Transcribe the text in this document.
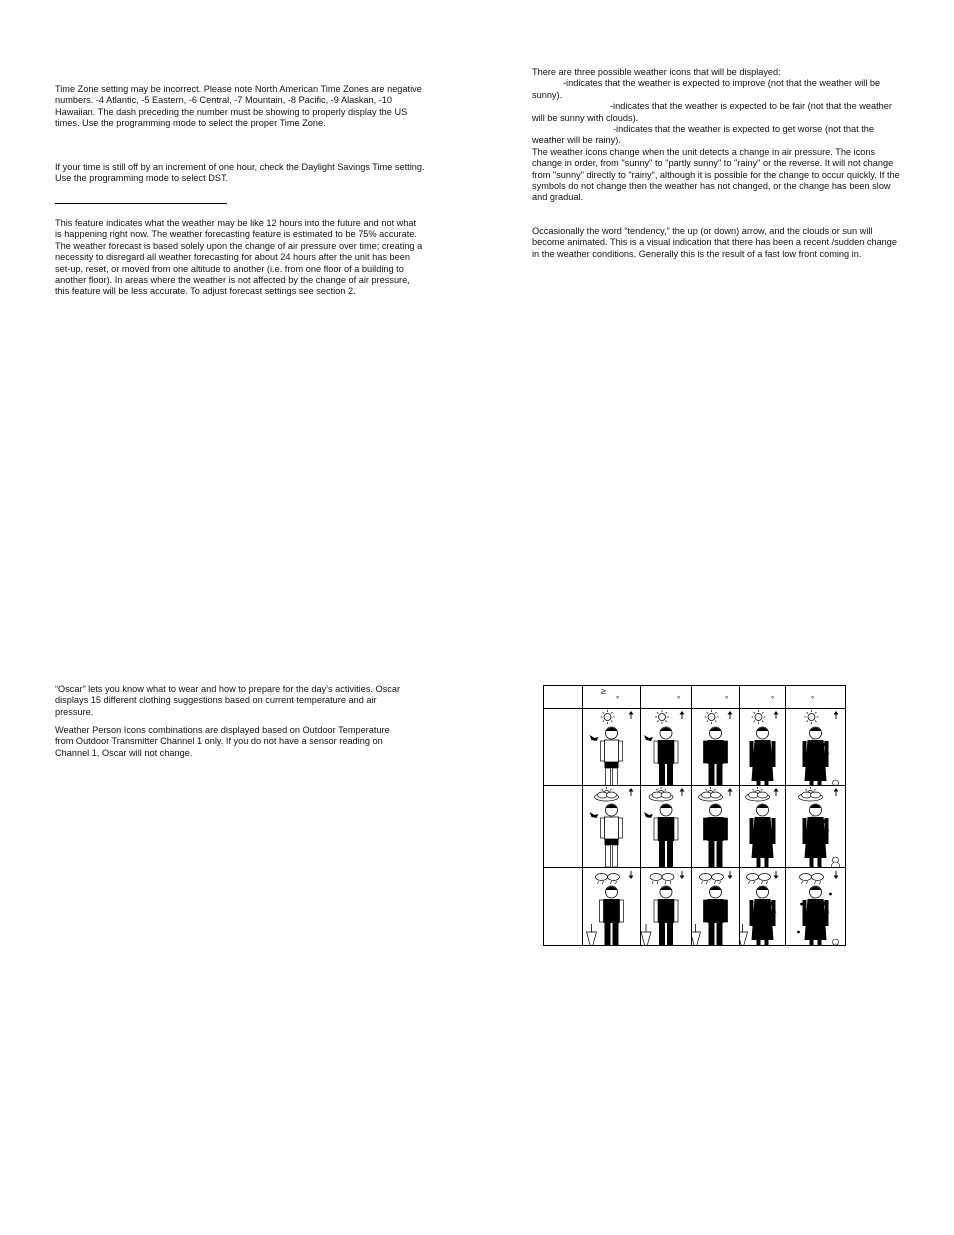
Time Zone setting may be incorrect. Please note North American Time Zones are negative numbers. -4 Atlantic, -5 Eastern, -6 Central, -7 Mountain, -8 Pacific, -9 Alaskan, -10 Hawaiian. The dash preceding the number must be showing to properly display the US times. Use the programming mode to select the proper Time Zone.

If your time is still off by an increment of one hour, check the Daylight Savings Time setting. Use the programming mode to select DST.

This feature indicates what the weather may be like 12 hours into the future and not what is happening right now. The weather forecasting feature is estimated to be 75% accurate. The weather forecast is based solely upon the change of air pressure over time; creating a necessity to disregard all weather forecasting for about 24 hours after the unit has been set-up, reset, or moved from one altitude to another (i.e. from one floor of a building to another floor). In areas where the weather is not affected by the change of air pressure, this feature will be less accurate. To adjust forecast settings see section 2.

“Oscar” lets you know what to wear and how to prepare for the day’s activities. Oscar displays 15 different clothing suggestions based on current temperature and air pressure.

Weather Person Icons combinations are displayed based on Outdoor Temperature from Outdoor Transmitter Channel 1 only. If you do not have a sensor reading on Channel 1, Oscar will not change.

There are three possible weather icons that will be displayed:
-indicates that the weather is expected to improve (not that the weather will be sunny).
-indicates that the weather is expected to be fair (not that the weather will be sunny with clouds).
-indicates that the weather is expected to get worse (not that the weather will be rainy).
The weather icons change when the unit detects a change in air pressure. The icons change in order, from "sunny" to "partly sunny" to "rainy" or the reverse. It will not change from "sunny" directly to "rainy", although it is possible for the change to occur quickly. If the symbols do not change then the weather has not changed, or the change has been slow and gradual.

Occasionally the word “tendency,” the up (or down) arrow, and the clouds or sun will become animated. This is a visual indication that there has been a recent /sudden change in the weather conditions. Generally this is the result of a fast low front coming in.

	≥
°	°	°	°	°
